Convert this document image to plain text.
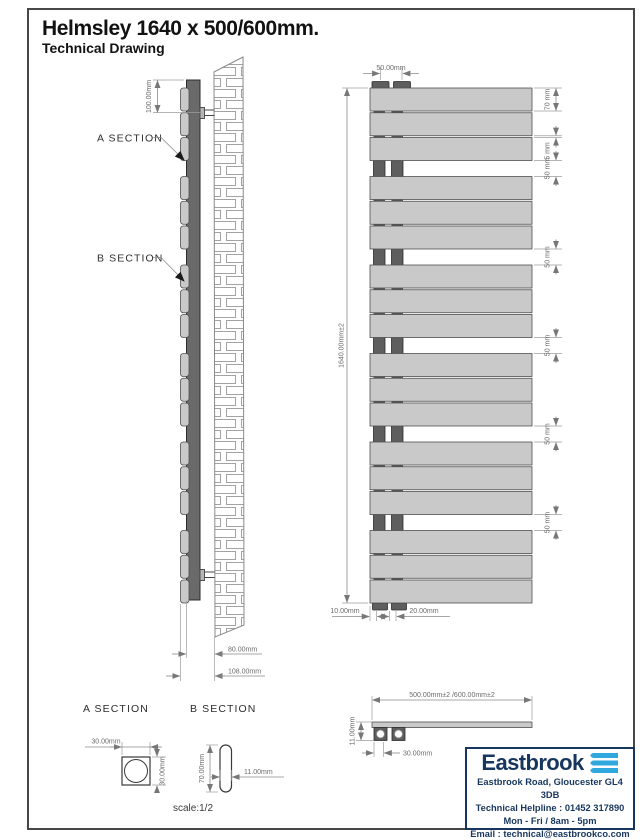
Helmsley 1640 x 500/600mm.
Technical Drawing
100.00mm
A SECTION
B SECTION
80.00mm
108.00mm
50.00mm
1640.00mm±2
70 mm
5 mm
50 mm
50 mm
50 mm
50 mm
50 mm
10.00mm	20.00mm
A SECTION
30.00mm
30.00mm
B SECTION
70.00mm	11.00mm
500.00mm±2 /600.00mm±2
11.00mm
30.00mm
scale:1/2
Eastbrook
Eastbrook Road, Gloucester GL4 3DB
Technical Helpline : 01452 317890
Mon - Fri / 8am - 5pm
Email : technical@eastbrookco.com
